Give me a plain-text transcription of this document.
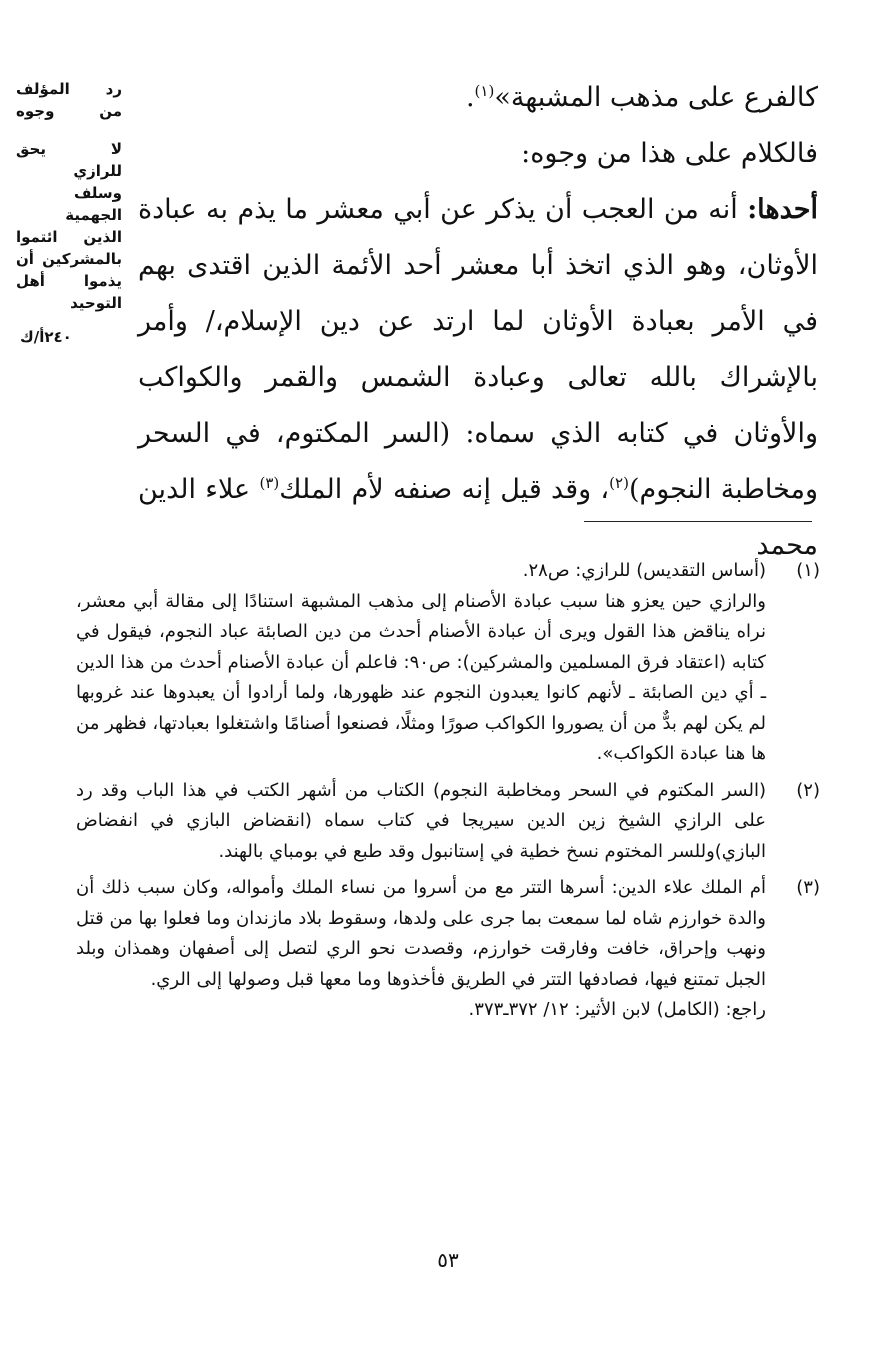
رد المؤلف
من وجوه
لا يحق
للرازي
وسلف
الجهمية
الذين ائتموا
بالمشركين أن
يذموا أهل
التوحيد
٢٤٠أ/ك

كالفرع على مذهب المشبهة»$^{(١)}$.

فالكلام على هذا من وجوه:

أحدها: أنه من العجب أن يذكر عن أبي معشر ما يذم به عبادة الأوثان، وهو الذي اتخذ أبا معشر أحد الأئمة الذين اقتدى بهم في الأمر بعبادة الأوثان لما ارتد عن دين الإسلام،/ وأمر بالإشراك بالله تعالى وعبادة الشمس والقمر والكواكب والأوثان في كتابه الذي سماه: (السر المكتوم، في السحر ومخاطبة النجوم)$^{(٢)}$، وقد قيل إنه صنفه لأم الملك$^{(٣)}$ علاء الدين محمد

(١)

(أساس التقديس) للرازي: ص٢٨.

والرازي حين يعزو هنا سبب عبادة الأصنام إلى مذهب المشبهة استنادًا إلى مقالة أبي معشر، نراه يناقض هذا القول ويرى أن عبادة الأصنام أحدث من دين الصابئة عباد النجوم، فيقول في كتابه (اعتقاد فرق المسلمين والمشركين): ص٩٠: فاعلم أن عبادة الأصنام أحدث من هذا الدين ـ أي دين الصابئة ـ لأنهم كانوا يعبدون النجوم عند ظهورها، ولما أرادوا أن يعبدوها عند غروبها لم يكن لهم بدٌّ من أن يصوروا الكواكب صورًا ومثلًا، فصنعوا أصنامًا واشتغلوا بعبادتها، فظهر من ها هنا عبادة الكواكب».

(٢)

(السر المكتوم في السحر ومخاطبة النجوم) الكتاب من أشهر الكتب في هذا الباب وقد رد على الرازي الشيخ زين الدين سيريجا في كتاب سماه (انقضاض البازي في انفضاض البازي)وللسر المختوم نسخ خطية في إستانبول وقد طبع في بومباي بالهند.

(٣)

أم الملك علاء الدين: أسرها التتر مع من أسروا من نساء الملك وأمواله، وكان سبب ذلك أن والدة خوارزم شاه لما سمعت بما جرى على ولدها، وسقوط بلاد مازندان وما فعلوا بها من قتل ونهب وإحراق، خافت وفارقت خوارزم، وقصدت نحو الري لتصل إلى أصفهان وهمذان وبلد الجبل تمتنع فيها، فصادفها التتر في الطريق فأخذوها وما معها قبل وصولها إلى الري.

راجع: (الكامل) لابن الأثير: ١٢/ ٣٧٢ـ٣٧٣.

٥٣
